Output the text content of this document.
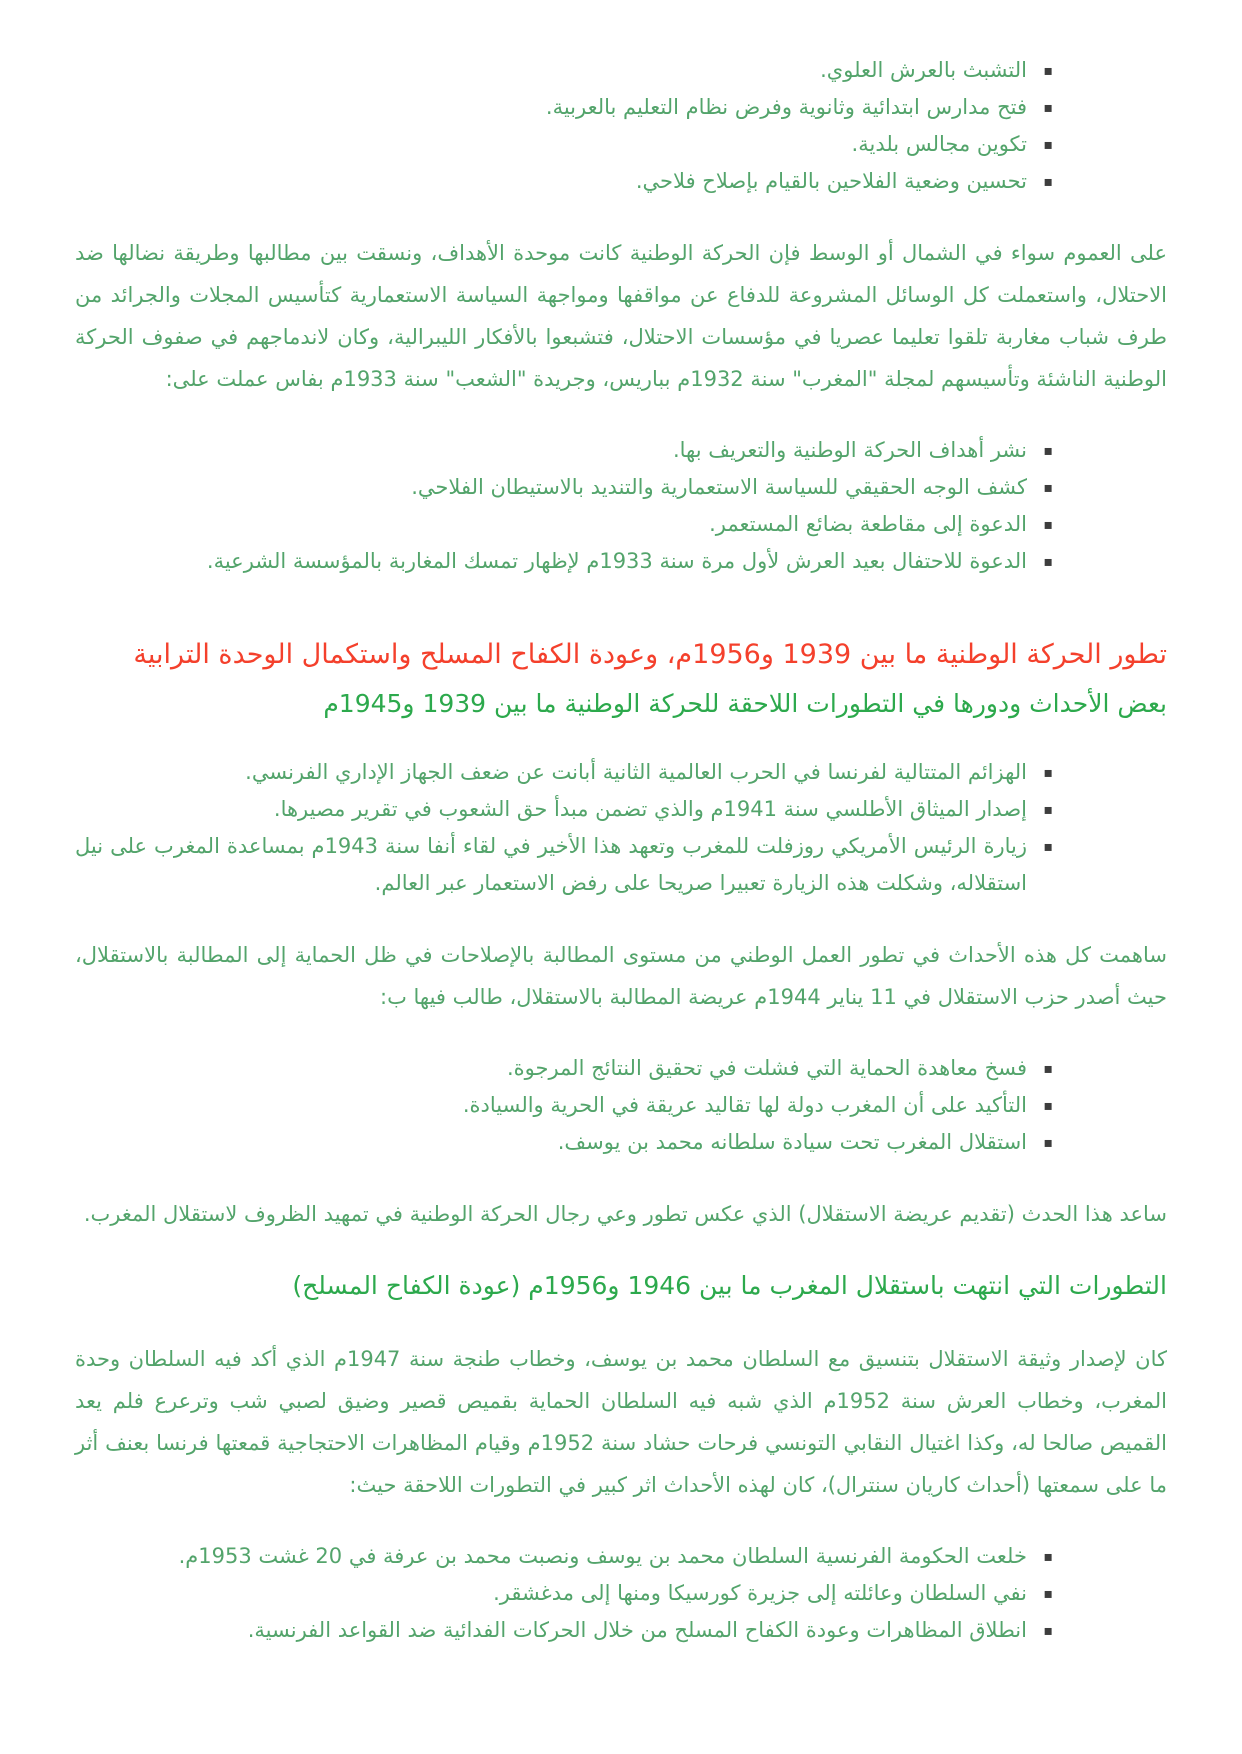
▪
التشبث بالعرش العلوي.
▪
فتح مدارس ابتدائية وثانوية وفرض نظام التعليم بالعربية.
▪
تكوين مجالس بلدية.
▪
تحسين وضعية الفلاحين بالقيام بإصلاح فلاحي.

على العموم سواء في الشمال أو الوسط فإن الحركة الوطنية كانت موحدة الأهداف، ونسقت بين مطالبها وطريقة نضالها ضد الاحتلال، واستعملت كل الوسائل المشروعة للدفاع عن مواقفها ومواجهة السياسة الاستعمارية كتأسيس المجلات والجرائد من طرف شباب مغاربة تلقوا تعليما عصريا في مؤسسات الاحتلال، فتشبعوا بالأفكار الليبرالية، وكان لاندماجهم في صفوف الحركة الوطنية الناشئة وتأسيسهم لمجلة "المغرب" سنة 1932م بباريس، وجريدة "الشعب" سنة 1933م بفاس عملت على:

▪
نشر أهداف الحركة الوطنية والتعريف بها.
▪
كشف الوجه الحقيقي للسياسة الاستعمارية والتنديد بالاستيطان الفلاحي.
▪
الدعوة إلى مقاطعة بضائع المستعمر.
▪
الدعوة للاحتفال بعيد العرش لأول مرة سنة 1933م لإظهار تمسك المغاربة بالمؤسسة الشرعية.
تطور الحركة الوطنية ما بين 1939 و1956م، وعودة الكفاح المسلح واستكمال الوحدة الترابية
بعض الأحداث ودورها في التطورات اللاحقة للحركة الوطنية ما بين 1939 و1945م
▪
الهزائم المتتالية لفرنسا في الحرب العالمية الثانية أبانت عن ضعف الجهاز الإداري الفرنسي.
▪
إصدار الميثاق الأطلسي سنة 1941م والذي تضمن مبدأ حق الشعوب في تقرير مصيرها.
▪
زيارة الرئيس الأمريكي روزفلت للمغرب وتعهد هذا الأخير في لقاء أنفا سنة 1943م بمساعدة المغرب على نيل استقلاله، وشكلت هذه الزيارة تعبيرا صريحا على رفض الاستعمار عبر العالم.

ساهمت كل هذه الأحداث في تطور العمل الوطني من مستوى المطالبة بالإصلاحات في ظل الحماية إلى المطالبة بالاستقلال، حيث أصدر حزب الاستقلال في 11 يناير 1944م عريضة المطالبة بالاستقلال، طالب فيها ب:

▪
فسخ معاهدة الحماية التي فشلت في تحقيق النتائج المرجوة.
▪
التأكيد على أن المغرب دولة لها تقاليد عريقة في الحرية والسيادة.
▪
استقلال المغرب تحت سيادة سلطانه محمد بن يوسف.

ساعد هذا الحدث (تقديم عريضة الاستقلال) الذي عكس تطور وعي رجال الحركة الوطنية في تمهيد الظروف لاستقلال المغرب.

التطورات التي انتهت باستقلال المغرب ما بين 1946 و1956م (عودة الكفاح المسلح)

كان لإصدار وثيقة الاستقلال بتنسيق مع السلطان محمد بن يوسف، وخطاب طنجة سنة 1947م الذي أكد فيه السلطان وحدة المغرب، وخطاب العرش سنة 1952م الذي شبه فيه السلطان الحماية بقميص قصير وضيق لصبي شب وترعرع فلم يعد القميص صالحا له، وكذا اغتيال النقابي التونسي فرحات حشاد سنة 1952م وقيام المظاهرات الاحتجاجية قمعتها فرنسا بعنف أثر ما على سمعتها (أحداث كاريان سنترال)، كان لهذه الأحداث اثر كبير في التطورات اللاحقة حيث:

▪
خلعت الحكومة الفرنسية السلطان محمد بن يوسف ونصبت محمد بن عرفة في 20 غشت 1953م.
▪
نفي السلطان وعائلته إلى جزيرة كورسيكا ومنها إلى مدغشقر.
▪
انطلاق المظاهرات وعودة الكفاح المسلح من خلال الحركات الفدائية ضد القواعد الفرنسية.
